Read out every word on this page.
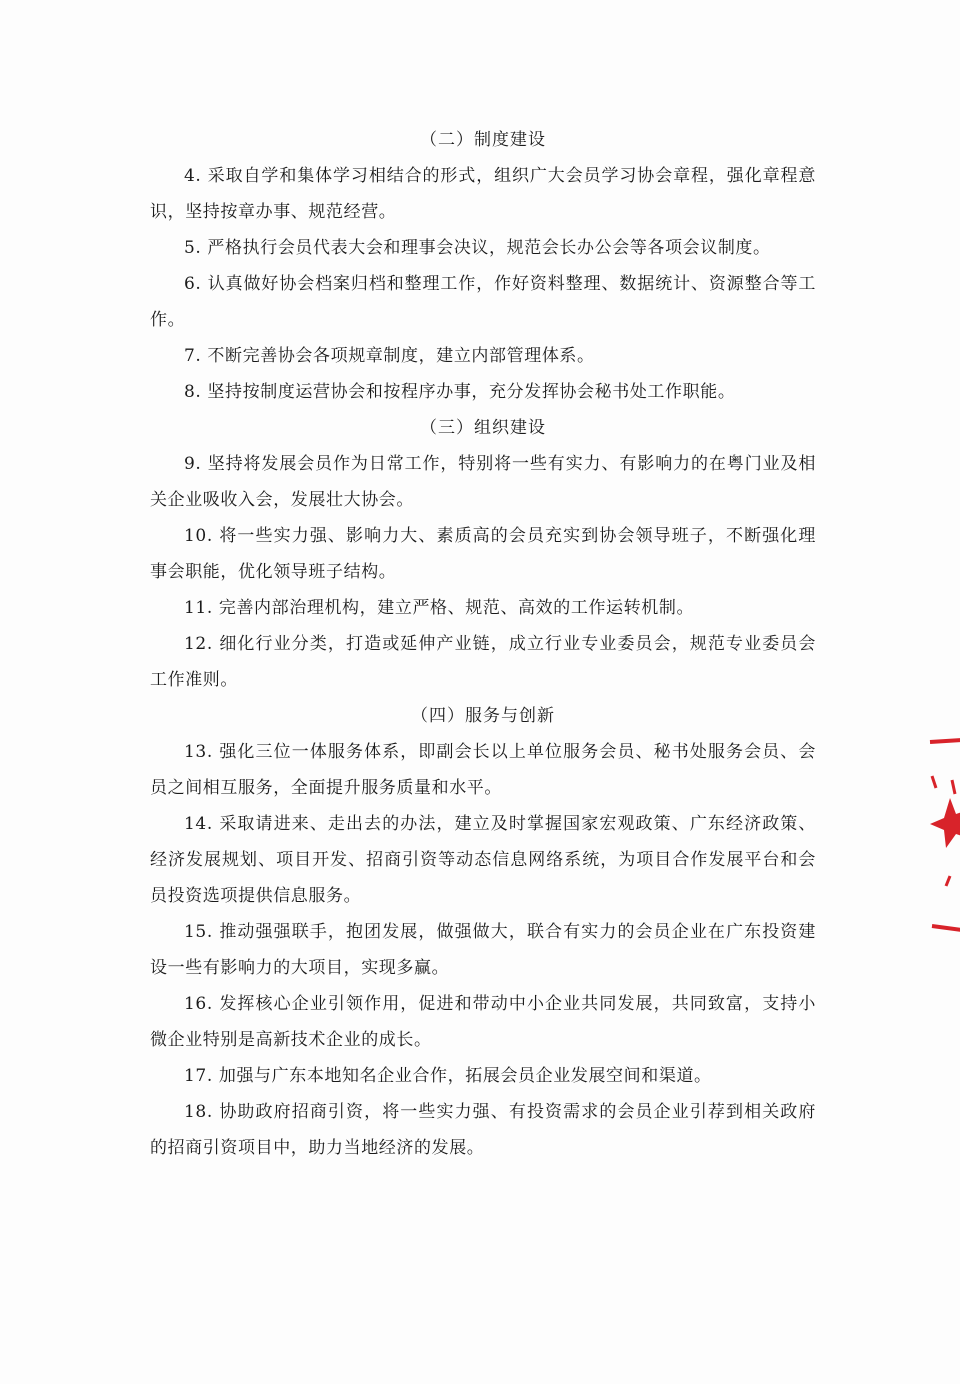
（二）制度建设

4. 采取自学和集体学习相结合的形式，组织广大会员学习协会章程，强化章程意识，坚持按章办事、规范经营。

5. 严格执行会员代表大会和理事会决议，规范会长办公会等各项会议制度。

6. 认真做好协会档案归档和整理工作，作好资料整理、数据统计、资源整合等工作。

7. 不断完善协会各项规章制度，建立内部管理体系。

8. 坚持按制度运营协会和按程序办事，充分发挥协会秘书处工作职能。

（三）组织建设

9. 坚持将发展会员作为日常工作，特别将一些有实力、有影响力的在粤门业及相关企业吸收入会，发展壮大协会。

10. 将一些实力强、影响力大、素质高的会员充实到协会领导班子，不断强化理事会职能，优化领导班子结构。

11. 完善内部治理机构，建立严格、规范、高效的工作运转机制。

12. 细化行业分类，打造或延伸产业链，成立行业专业委员会，规范专业委员会工作准则。

（四）服务与创新

13. 强化三位一体服务体系，即副会长以上单位服务会员、秘书处服务会员、会员之间相互服务，全面提升服务质量和水平。

14. 采取请进来、走出去的办法，建立及时掌握国家宏观政策、广东经济政策、经济发展规划、项目开发、招商引资等动态信息网络系统，为项目合作发展平台和会员投资选项提供信息服务。

15. 推动强强联手，抱团发展，做强做大，联合有实力的会员企业在广东投资建设一些有影响力的大项目，实现多赢。

16. 发挥核心企业引领作用，促进和带动中小企业共同发展，共同致富，支持小微企业特别是高新技术企业的成长。

17. 加强与广东本地知名企业合作，拓展会员企业发展空间和渠道。

18. 协助政府招商引资，将一些实力强、有投资需求的会员企业引荐到相关政府的招商引资项目中，助力当地经济的发展。
